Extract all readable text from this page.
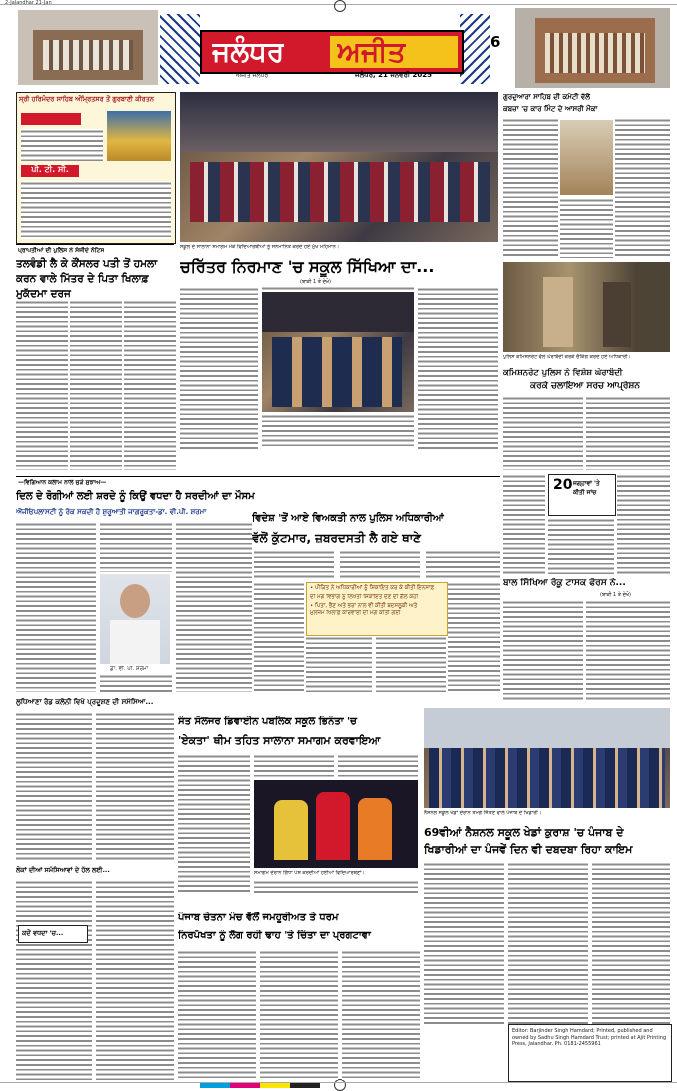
2-Jalandhar 21-Jan
ਜਲੰਧਰ ਅਜੀਤ
ਅਜੀਤ ਜਲੰਧਰ	ਜਲੰਧਰ, 21 ਜਨਵਰੀ 2025
6
ਸ੍ਰੀ ਹਰਿਮੰਦਰ ਸਾਹਿਬ ਅੰਮ੍ਰਿਤਸਰ ਤੋਂ ਗੁਰਬਾਣੀ ਕੀਰਤਨ
ਪੀ. ਟੀ. ਸੀ.
ਪ੍ਰਾਪਤੀਆਂ ਦੀ ਪੁਲਿਸ ਨੇ ਸੰਜੀਦੇ ਨੋਟਿਸ
ਤਲਵੰਡੀ ਲੈ ਕੇ ਕੌਂਸਲਰ ਪਤੀ ਤੋਂ ਹਮਲਾ ਕਰਨ ਵਾਲੇ ਮਿੱਤਰ ਦੇ ਪਿਤਾ ਖਿਲਾਫ਼ ਮੁਕੱਦਮਾ ਦਰਜ
ਸਕੂਲ ਦੇ ਸਾਲਾਨਾ ਸਮਾਗਮ ਮੌਕੇ ਵਿਦਿਆਰਥੀਆਂ ਨੂੰ ਸਨਮਾਨਿਤ ਕਰਦੇ ਹੋਏ ਮੁੱਖ ਮਹਿਮਾਨ।
ਚਰਿੱਤਰ ਨਿਰਮਾਣ 'ਚ ਸਕੂਲ ਸਿੱਖਿਆ ਦਾ...
(ਬਾਕੀ 1 ਤੇ ਦੇਖੋ)
ਗੁਰਦੁਆਰਾ ਸਾਹਿਬ ਦੀ ਕਮੇਟੀ ਵੱਲੋਂ
ਕਬਜ਼ਾ 'ਚ ਕਾਰ ਮਿੰਟ ਦੇ ਆਸਰੀ ਮੌਕਾ
ਪੁਲਿਸ ਕਮਿਸ਼ਨਰੇਟ ਵੱਲੋਂ ਘੇਰਾਬੰਦੀ ਕਰਕੇ ਚੈਕਿੰਗ ਕਰਦੇ ਹੋਏ ਅਧਿਕਾਰੀ।
ਕਮਿਸ਼ਨਰੇਟ ਪੁਲਿਸ ਨੇ ਵਿਸ਼ੇਸ਼ ਘੇਰਾਬੰਦੀ
ਕਰਕੇ ਚਲਾਇਆ ਸਰਚ ਆਪ੍ਰੇਸ਼ਨ
20 ਜਗ੍ਹਾਵਾਂ 'ਤੇ ਕੀਤੀ ਜਾਂਚ
ਬਾਲ ਸਿੱਖਿਆ ਰੋਕੂ ਟਾਸਕ ਫੋਰਸ ਨੇ...
(ਬਾਕੀ 1 ਤੇ ਦੇਖੋ)
—ਵਿਗਿਆਨ ਕਲਾਮ ਨਾਲ ਜੁੜੇ ਸੁਝਾਅ—
ਦਿਲ ਦੇ ਰੋਗੀਆਂ ਲਈ ਸ਼ਰਦੇ ਨੂੰ ਕਿਉਂ ਵਧਦਾ ਹੈ ਸਰਦੀਆਂ ਦਾ ਮੌਸਮ
ਐਂਜੀਓਪਲਾਸਟੀ ਨੂੰ ਰੋਕ ਸਕਦੀ ਹੈ ਸ਼ੁਰੂਆਤੀ ਜਾਗਰੂਕਤਾ-ਡਾ. ਵੀ.ਪੀ. ਸ਼ਰਮਾ
ਡਾ. ਵੀ. ਪੀ. ਸ਼ਰਮਾ
ਵਿਦੇਸ਼ 'ਤੋਂ ਆਏ ਵਿਅਕਤੀ ਨਾਲ ਪੁਲਿਸ ਅਧਿਕਾਰੀਆਂ
ਵੱਲੋਂ ਕੁੱਟਮਾਰ, ਜ਼ਬਰਦਸਤੀ ਲੈ ਗਏ ਥਾਣੇ
• ਪੀੜਿਤ ਨੇ ਅਧਿਕਾਰੀਆਂ ਨੂੰ ਸ਼ਿਕਾਇਤ ਕਰ ਕੇ ਕੀਤੀ ਇਨਸਾਫ਼
ਦੀ ਮੰਗ ਵਿਭਾਗ ਨੂੰ ਲਿਖਤੀ ਸ਼ਿਕਾਇਤ ਦੇਣ ਦੀ ਗੱਲ ਕਹੀ
• ਪਿਤਾ, ਭੈਣ ਅਤੇ ਭਰਾ ਨਾਲ ਵੀ ਕੀਤੀ ਬਦਸਲੂਕੀ ਅਤੇ
ਮੁਲਜ਼ਮ ਖਿਲਾਫ਼ ਕਾਰਵਾਈ ਦੀ ਮੰਗ ਕੀਤੀ ਗਈ
ਲੁਧਿਆਣਾ ਰੋਡ ਕਲੋਨੀ ਵਿਖੇ ਪ੍ਰਦੂਸ਼ਣ ਦੀ ਸਮੱਸਿਆ...
ਲੋਕਾਂ ਦੀਆਂ ਸਮੱਸਿਆਵਾਂ ਦੇ ਹੱਲ ਲਈ...
ਕਦੋਂ ਵਧਦਾ 'ਚ...
ਸੰਤ ਸੋਲਜਰ ਡਿਵਾਈਨ ਪਬਲਿਕ ਸਕੂਲ ਭਿਨੰਤਾ 'ਚ
'ਏਕਤਾ' ਥੀਮ ਤਹਿਤ ਸਾਲਾਨਾ ਸਮਾਗਮ ਕਰਵਾਇਆ
ਸਮਾਗਮ ਦੌਰਾਨ ਗਿੱਧਾ ਪੇਸ਼ ਕਰਦੀਆਂ ਹੋਈਆਂ ਵਿਦਿਆਰਥਣਾਂ।
ਨੈਸ਼ਨਲ ਸਕੂਲ ਖੇਡਾਂ ਦੌਰਾਨ ਤਮਗੇ ਜਿੱਤਣ ਵਾਲੇ ਪੰਜਾਬ ਦੇ ਖਿਡਾਰੀ।
69ਵੀਆਂ ਨੈਸ਼ਨਲ ਸਕੂਲ ਖੇਡਾਂ ਕੁਰਾਸ਼ 'ਚ ਪੰਜਾਬ ਦੇ
ਖਿਡਾਰੀਆਂ ਦਾ ਪੰਜਵੇਂ ਦਿਨ ਵੀ ਦਬਦਬਾ ਰਿਹਾ ਕਾਇਮ
ਪੰਜਾਬ ਚੇਤਨਾ ਮੰਚ ਵੱਲੋਂ ਜਮਹੂਰੀਅਤ ਤੇ ਧਰਮ
ਨਿਰਪੱਖਤਾ ਨੂੰ ਲੱਗ ਰਹੀ ਢਾਹ 'ਤੇ ਚਿੰਤਾ ਦਾ ਪ੍ਰਗਟਾਵਾ
Editor: Barjinder Singh Hamdard; Printed, published and owned by Sadhu Singh Hamdard Trust; printed at Ajit Printing Press, Jalandhar. Ph. 0181-2455961
